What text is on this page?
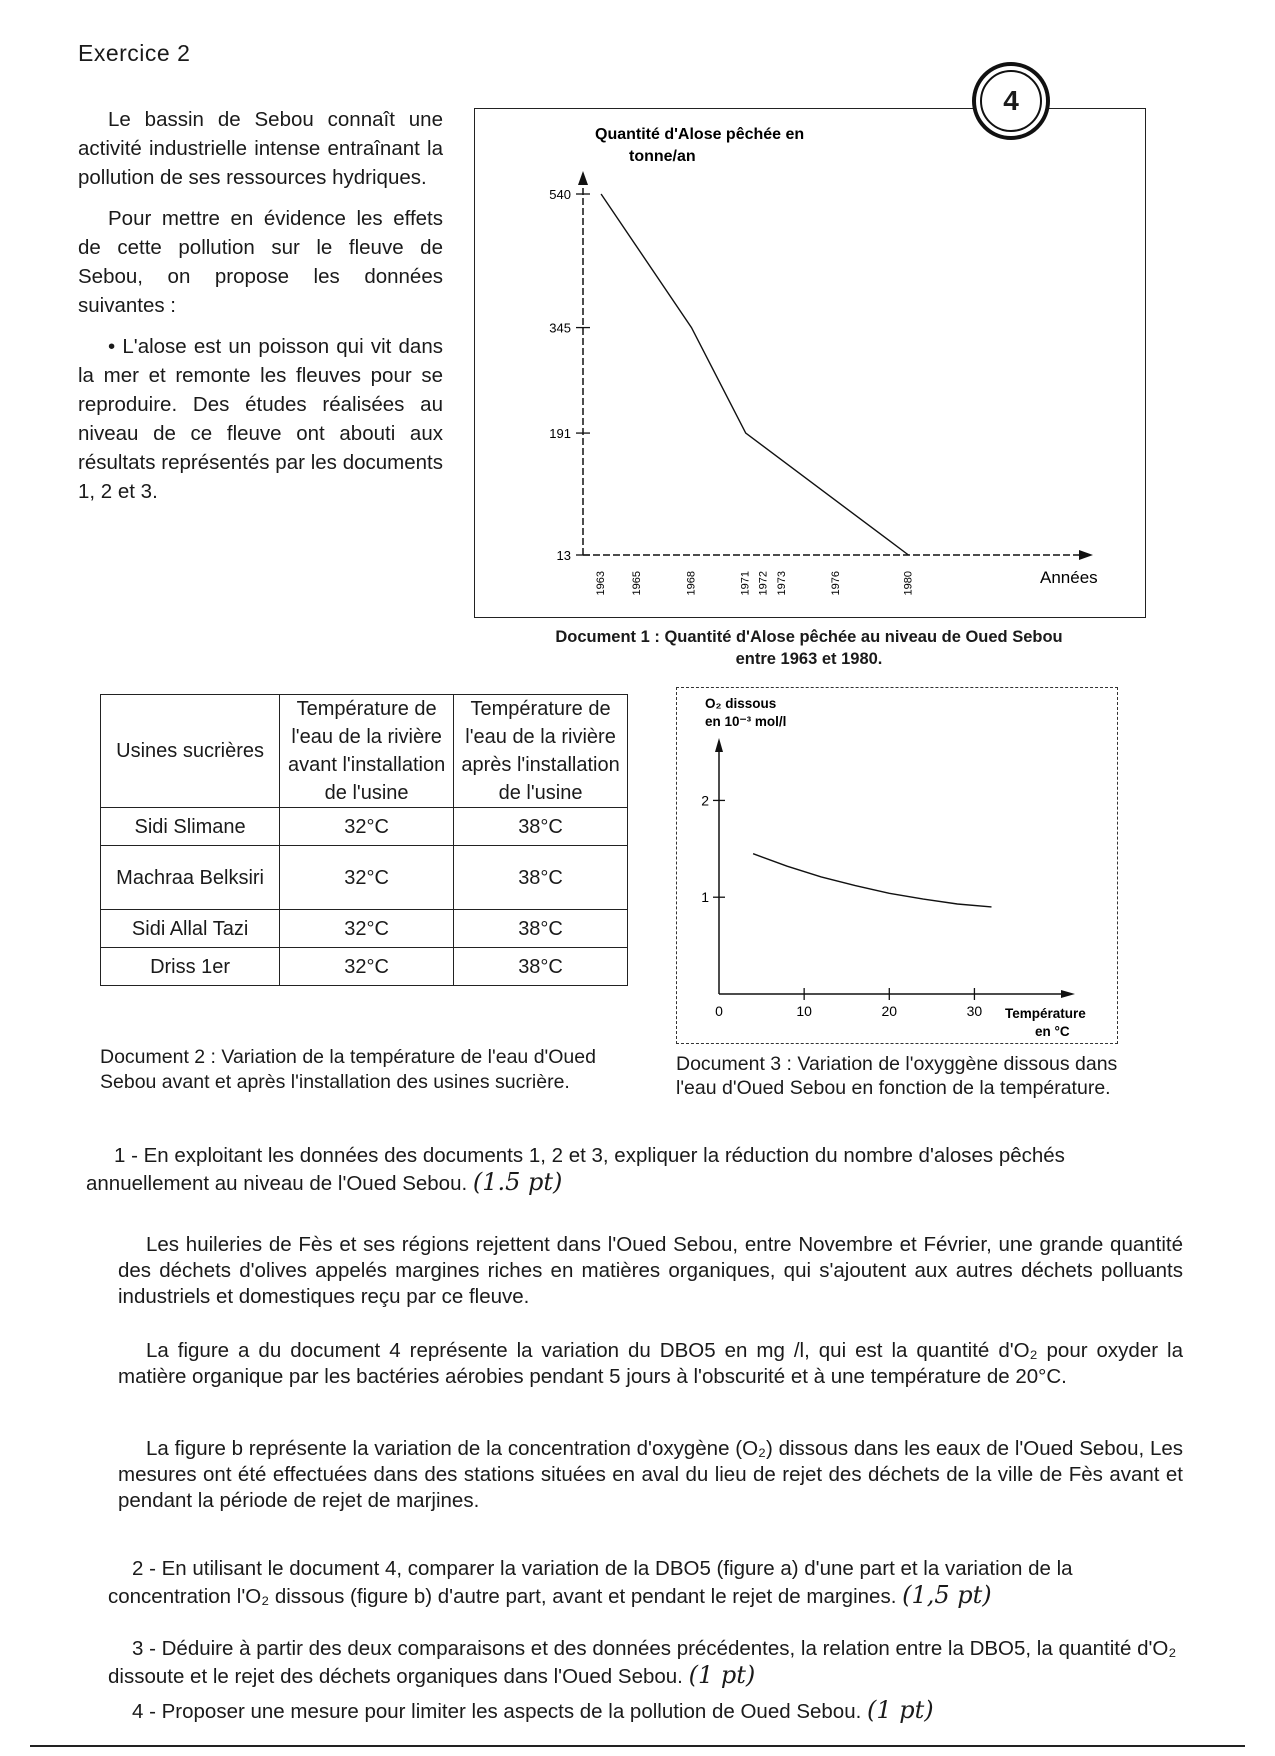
Exercice 2

Le bassin de Sebou connaît une activité industrielle intense entraînant la pollution de ses ressources hydriques.

Pour mettre en évidence les effets de cette pollution sur le fleuve de Sebou, on propose les données suivantes :

• L'alose est un poisson qui vit dans la mer et remonte les fleuves pour se reproduire. Des études réalisées au niveau de ce fleuve ont abouti aux résultats représentés par les documents 1, 2 et 3.

Quantité d'Alose pêchée en
tonne/an
540
345
191
13
1963 1965	1968	1971 1972 1973	1976	1980	Années
4
Document 1 : Quantité d'Alose pêchée au niveau de Oued Sebou
entre 1963 et 1980.
Usines sucrières	Température de l'eau de la rivière avant l'installation de l'usine	Température de l'eau de la rivière après l'installation de l'usine
Sidi Slimane	32°C	38°C
Machraa Belksiri	32°C	38°C
Sidi Allal Tazi	32°C	38°C
Driss 1er	32°C	38°C
Document 2 : Variation de la température de l'eau d'Oued Sebou avant et après l'installation des usines sucrière.
O₂ dissous
en 10⁻³ mol/l
1
2
0	10	20	30 Température
en °C
Document 3 : Variation de l'oxyggène dissous dans l'eau d'Oued Sebou en fonction de la température.
1 - En exploitant les données des documents 1, 2 et 3, expliquer la réduction du nombre d'aloses pêchés annuellement au niveau de l'Oued Sebou. (1.5 pt)
Les huileries de Fès et ses régions rejettent dans l'Oued Sebou, entre Novembre et Février, une grande quantité des déchets d'olives appelés margines riches en matières organiques, qui s'ajoutent aux autres déchets polluants industriels et domestiques reçu par ce fleuve.
La figure a du document 4 représente la variation du DBO5 en mg /l, qui est la quantité d'O₂ pour oxyder la matière organique par les bactéries aérobies pendant 5 jours à l'obscurité et à une température de 20°C.
La figure b représente la variation de la concentration d'oxygène (O₂) dissous dans les eaux de l'Oued Sebou, Les mesures ont été effectuées dans des stations situées en aval du lieu de rejet des déchets de la ville de Fès avant et pendant la période de rejet de marjines.
2 - En utilisant le document 4, comparer la variation de la DBO5 (figure a) d'une part et la variation de la concentration l'O₂ dissous (figure b) d'autre part, avant et pendant le rejet de margines. (1,5 pt)
3 - Déduire à partir des deux comparaisons et des données précédentes, la relation entre la DBO5, la quantité d'O₂ dissoute et le rejet des déchets organiques dans l'Oued Sebou. (1 pt)
4 - Proposer une mesure pour limiter les aspects de la pollution de Oued Sebou. (1 pt)
